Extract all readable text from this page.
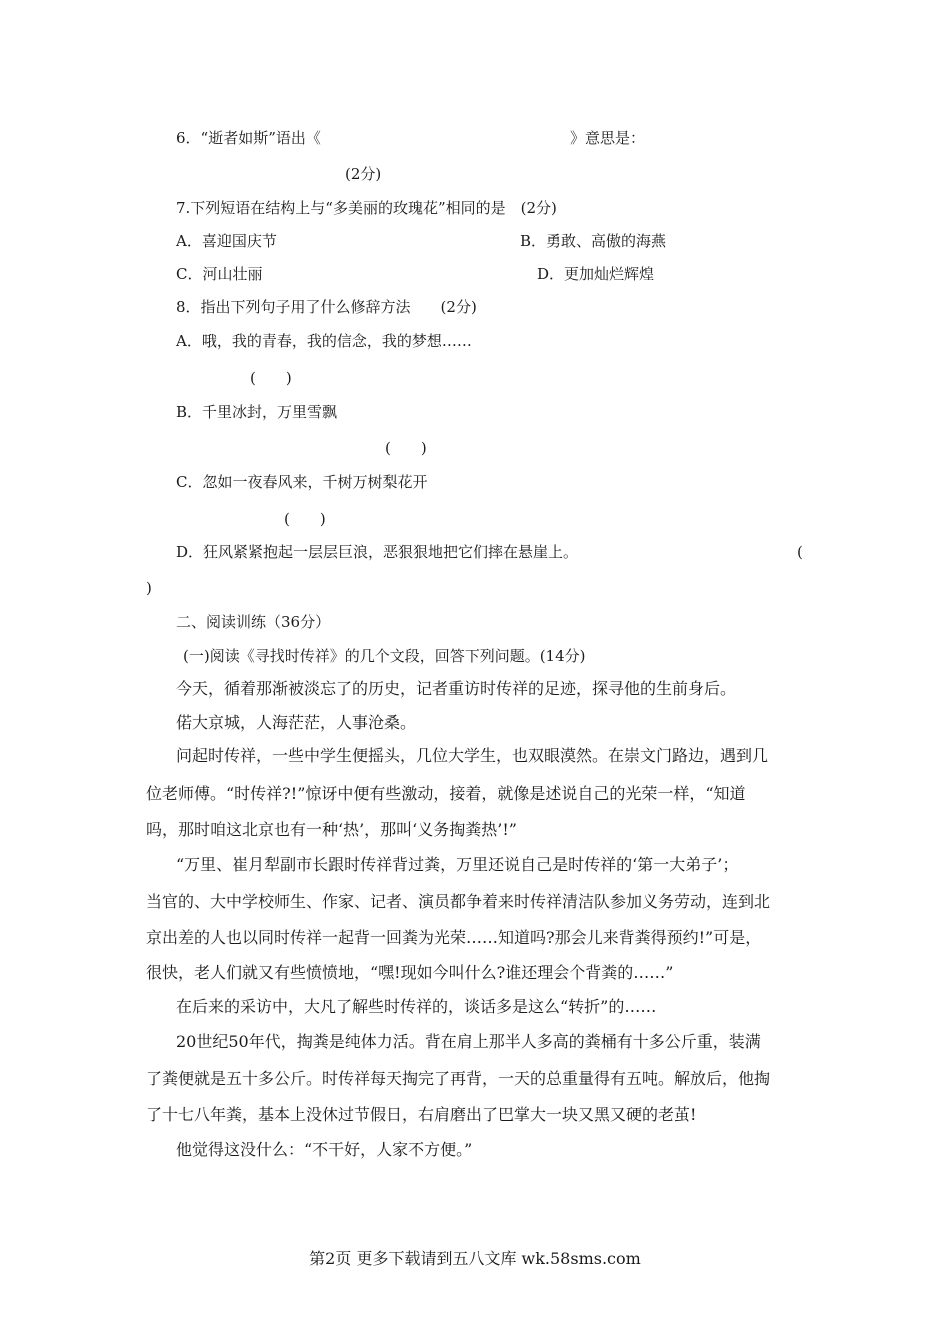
6．“逝者如斯”语出《	》意思是：
(2分)
7.下列短语在结构上与“多美丽的玫瑰花”相同的是　(2分)
A．喜迎国庆节	B．勇敢、高傲的海燕
C．河山壮丽	D．更加灿烂辉煌
8．指出下列句子用了什么修辞方法　　(2分)
A．哦，我的青春，我的信念，我的梦想……
(　　)
B．千里冰封，万里雪飘
(　　)
C．忽如一夜春风来，千树万树梨花开
(　　)
D．狂风紧紧抱起一层层巨浪，恶狠狠地把它们摔在悬崖上。	(
)
二、阅读训练（36分）
(一)阅读《寻找时传祥》的几个文段，回答下列问题。(14分)
今天，循着那渐被淡忘了的历史，记者重访时传祥的足迹，探寻他的生前身后。
偌大京城，人海茫茫，人事沧桑。
问起时传祥，一些中学生便摇头，几位大学生，也双眼漠然。在崇文门路边，遇到几
位老师傅。“时传祥?!”惊讶中便有些激动，接着，就像是述说自己的光荣一样，“知道
吗，那时咱这北京也有一种‘热’，那叫‘义务掏粪热’!”
“万里、崔月犁副市长跟时传祥背过粪，万里还说自己是时传祥的‘第一大弟子’；
当官的、大中学校师生、作家、记者、演员都争着来时传祥清洁队参加义务劳动，连到北
京出差的人也以同时传祥一起背一回粪为光荣……知道吗?那会儿来背粪得预约!”可是，
很快，老人们就又有些愤愤地，“嘿!现如今叫什么?谁还理会个背粪的……”
在后来的采访中，大凡了解些时传祥的，谈话多是这么“转折”的……
20世纪50年代，掏粪是纯体力活。背在肩上那半人多高的粪桶有十多公斤重，装满
了粪便就是五十多公斤。时传祥每天掏完了再背，一天的总重量得有五吨。解放后，他掏
了十七八年粪，基本上没休过节假日，右肩磨出了巴掌大一块又黑又硬的老茧!
他觉得这没什么：“不干好，人家不方便。”
第2页 更多下载请到五八文库 wk.58sms.com
